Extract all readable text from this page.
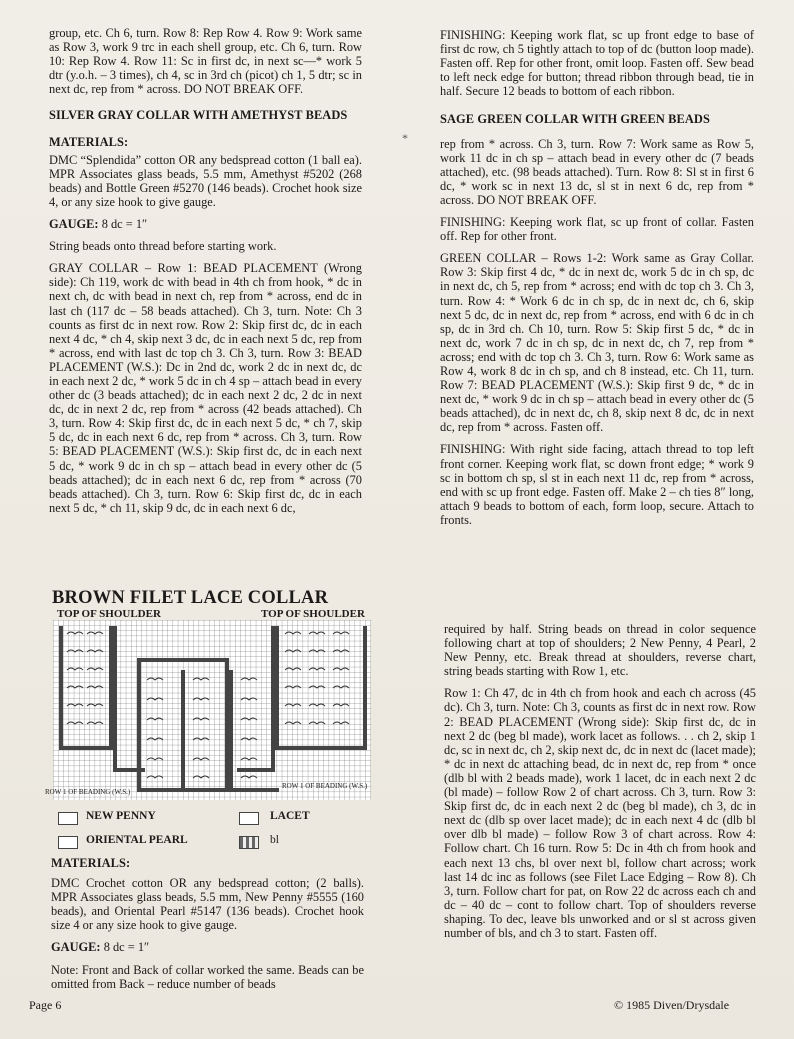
group, etc. Ch 6, turn. Row 8: Rep Row 4. Row 9: Work same as Row 3, work 9 trc in each shell group, etc. Ch 6, turn. Row 10: Rep Row 4. Row 11: Sc in first dc, in next sc—* work 5 dtr (y.o.h. – 3 times), ch 4, sc in 3rd ch (picot) ch 1, 5 dtr; sc in next dc, rep from * across. DO NOT BREAK OFF.

SILVER GRAY COLLAR WITH AMETHYST BEADS
MATERIALS:

DMC “Splendida” cotton OR any bedspread cotton (1 ball ea). MPR Associates glass beads, 5.5 mm, Amethyst #5202 (268 beads) and Bottle Green #5270 (146 beads). Crochet hook size 4, or any size hook to give gauge.

GAUGE: 8 dc = 1″

String beads onto thread before starting work.

GRAY COLLAR – Row 1: BEAD PLACEMENT (Wrong side): Ch 119, work dc with bead in 4th ch from hook, * dc in next ch, dc with bead in next ch, rep from * across, end dc in last ch (117 dc – 58 beads attached). Ch 3, turn. Note: Ch 3 counts as first dc in next row. Row 2: Skip first dc, dc in each next 4 dc, * ch 4, skip next 3 dc, dc in each next 5 dc, rep from * across, end with last dc top ch 3. Ch 3, turn. Row 3: BEAD PLACEMENT (W.S.): Dc in 2nd dc, work 2 dc in next dc, dc in each next 2 dc, * work 5 dc in ch 4 sp – attach bead in every other dc (3 beads attached); dc in each next 2 dc, 2 dc in next dc, dc in next 2 dc, rep from * across (42 beads attached). Ch 3, turn. Row 4: Skip first dc, dc in each next 5 dc, * ch 7, skip 5 dc, dc in each next 6 dc, rep from * across. Ch 3, turn. Row 5: BEAD PLACEMENT (W.S.): Skip first dc, dc in each next 5 dc, * work 9 dc in ch sp – attach bead in every other dc (5 beads attached); dc in each next 6 dc, rep from * across (70 beads attached). Ch 3, turn. Row 6: Skip first dc, dc in each next 5 dc, * ch 11, skip 9 dc, dc in each next 6 dc,

FINISHING: Keeping work flat, sc up front edge to base of first dc row, ch 5 tightly attach to top of dc (button loop made). Fasten off. Rep for other front, omit loop. Fasten off. Sew bead to left neck edge for button; thread ribbon through bead, tie in half. Secure 12 beads to bottom of each ribbon.

SAGE GREEN COLLAR WITH GREEN BEADS

rep from * across. Ch 3, turn. Row 7: Work same as Row 5, work 11 dc in ch sp – attach bead in every other dc (7 beads attached), etc. (98 beads attached). Turn. Row 8: Sl st in first 6 dc, * work sc in next 13 dc, sl st in next 6 dc, rep from * across. DO NOT BREAK OFF.

FINISHING: Keeping work flat, sc up front of collar. Fasten off. Rep for other front.

GREEN COLLAR – Rows 1-2: Work same as Gray Collar. Row 3: Skip first 4 dc, * dc in next dc, work 5 dc in ch sp, dc in next dc, ch 5, rep from * across; end with dc top ch 3. Ch 3, turn. Row 4: * Work 6 dc in ch sp, dc in next dc, ch 6, skip next 5 dc, dc in next dc, rep from * across, end with 6 dc in ch sp, dc in 3rd ch. Ch 10, turn. Row 5: Skip first 5 dc, * dc in next dc, work 7 dc in ch sp, dc in next dc, ch 7, rep from * across; end with dc top ch 3. Ch 3, turn. Row 6: Work same as Row 4, work 8 dc in ch sp, and ch 8 instead, etc. Ch 11, turn. Row 7: BEAD PLACEMENT (W.S.): Skip first 9 dc, * dc in next dc, * work 9 dc in ch sp – attach bead in every other dc (5 beads attached), dc in next dc, ch 8, skip next 8 dc, dc in next dc, rep from * across. Fasten off.

FINISHING: With right side facing, attach thread to top left front corner. Keeping work flat, sc down front edge; * work 9 sc in bottom ch sp, sl st in each next 11 dc, rep from * across, end with sc up front edge. Fasten off. Make 2 – ch ties 8″ long, attach 9 beads to bottom of each, form loop, secure. Attach to fronts.

*
BROWN FILET LACE COLLAR
TOP OF SHOULDER	TOP OF SHOULDER
ROW 1 OF BEADING (W.S.)
ROW 1 OF BEADING (W.S.)
NEW PENNY
ORIENTAL PEARL
LACET
bl
MATERIALS:

DMC Crochet cotton OR any bedspread cotton; (2 balls). MPR Associates glass beads, 5.5 mm, New Penny #5555 (160 beads), and Oriental Pearl #5147 (136 beads). Crochet hook size 4 or any size hook to give gauge.

GAUGE: 8 dc = 1″

Note: Front and Back of collar worked the same. Beads can be omitted from Back – reduce number of beads

required by half. String beads on thread in color sequence following chart at top of shoulders; 2 New Penny, 4 Pearl, 2 New Penny, etc. Break thread at shoulders, reverse chart, string beads starting with Row 1, etc.

Row 1: Ch 47, dc in 4th ch from hook and each ch across (45 dc). Ch 3, turn. Note: Ch 3, counts as first dc in next row. Row 2: BEAD PLACEMENT (Wrong side): Skip first dc, dc in next 2 dc (beg bl made), work lacet as follows. . . ch 2, skip 1 dc, sc in next dc, ch 2, skip next dc, dc in next dc (lacet made); * dc in next dc attaching bead, dc in next dc, rep from * once (dlb bl with 2 beads made), work 1 lacet, dc in each next 2 dc (bl made) – follow Row 2 of chart across. Ch 3, turn. Row 3: Skip first dc, dc in each next 2 dc (beg bl made), ch 3, dc in next dc (dlb sp over lacet made); dc in each next 4 dc (dlb bl over dlb bl made) – follow Row 3 of chart across. Row 4: Follow chart. Ch 16 turn. Row 5: Dc in 4th ch from hook and each next 13 chs, bl over next bl, follow chart across; work last 14 dc inc as follows (see Filet Lace Edging – Row 8). Ch 3, turn. Follow chart for pat, on Row 22 dc across each ch and dc – 40 dc – cont to follow chart. Top of shoulders reverse shaping. To dec, leave bls unworked and or sl st across given number of bls, and ch 3 to start. Fasten off.

Page 6	© 1985 Diven/Drysdale
